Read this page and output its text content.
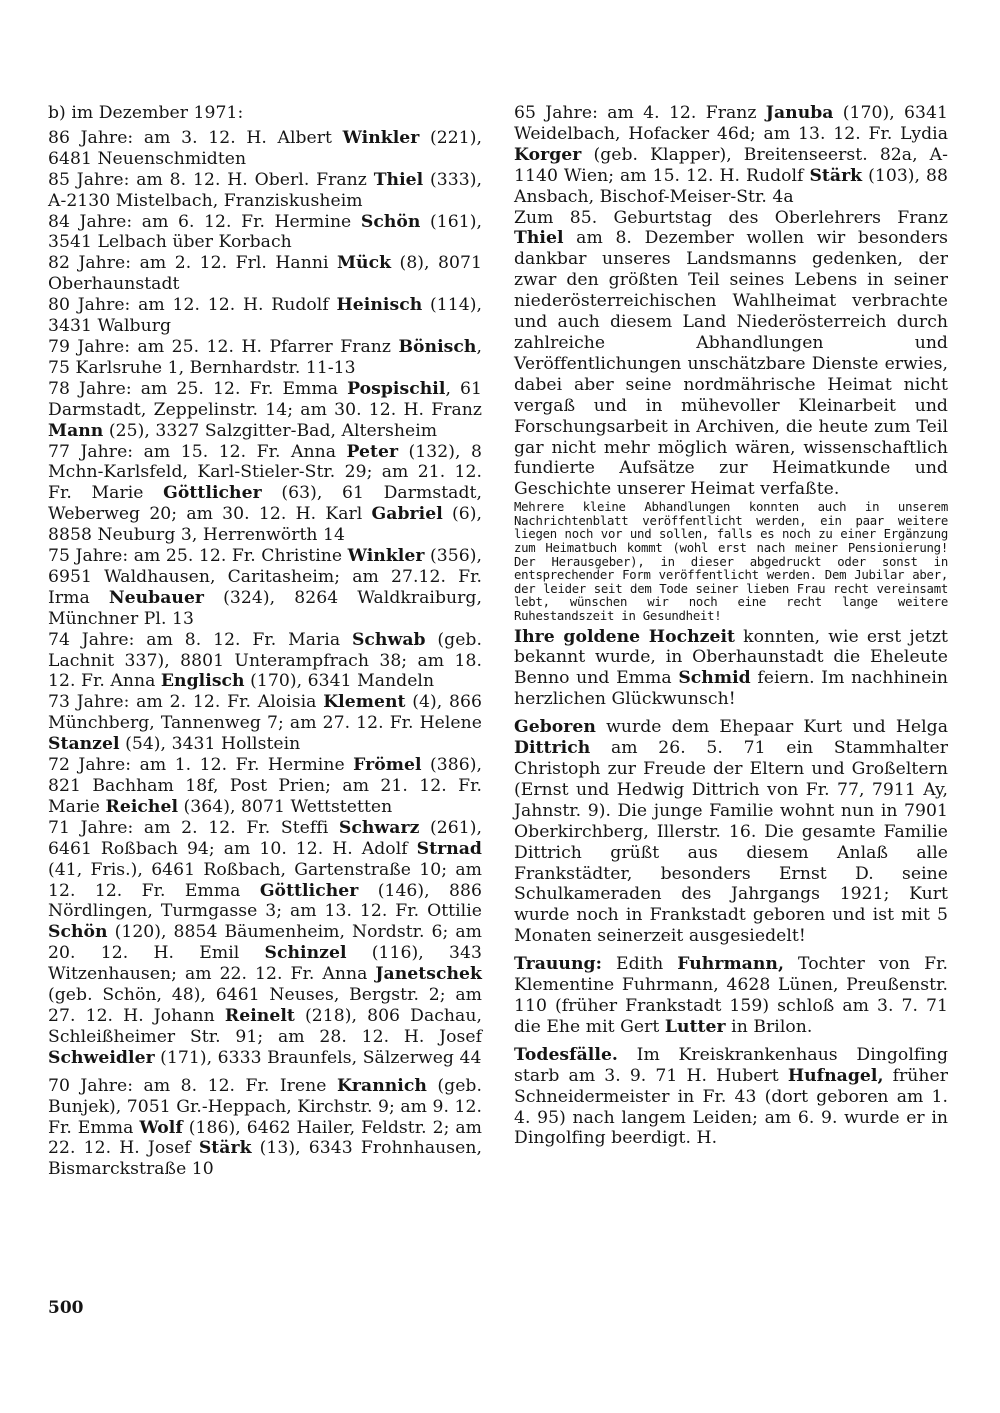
b) im Dezember 1971:

86 Jahre: am 3. 12. H. Albert Winkler (221), 6481 Neuenschmidten

85 Jahre: am 8. 12. H. Oberl. Franz Thiel (333), A-2130 Mistelbach, Franziskusheim

84 Jahre: am 6. 12. Fr. Hermine Schön (161), 3541 Lelbach über Korbach

82 Jahre: am 2. 12. Frl. Hanni Mück (8), 8071 Oberhaunstadt

80 Jahre: am 12. 12. H. Rudolf Heinisch (114), 3431 Walburg

79 Jahre: am 25. 12. H. Pfarrer Franz Bönisch, 75 Karlsruhe 1, Bernhardstr. 11-13

78 Jahre: am 25. 12. Fr. Emma Pospischil, 61 Darmstadt, Zeppelinstr. 14; am 30. 12. H. Franz Mann (25), 3327 Salzgitter-Bad, Altersheim

77 Jahre: am 15. 12. Fr. Anna Peter (132), 8 Mchn-Karlsfeld, Karl-Stieler-Str. 29; am 21. 12. Fr. Marie Göttlicher (63), 61 Darmstadt, Weberweg 20; am 30. 12. H. Karl Gabriel (6), 8858 Neuburg 3, Herrenwörth 14

75 Jahre: am 25. 12. Fr. Christine Winkler (356), 6951 Waldhausen, Caritasheim; am 27.12. Fr. Irma Neubauer (324), 8264 Waldkraiburg, Münchner Pl. 13

74 Jahre: am 8. 12. Fr. Maria Schwab (geb. Lachnit 337), 8801 Unterampfrach 38; am 18. 12. Fr. Anna Englisch (170), 6341 Mandeln

73 Jahre: am 2. 12. Fr. Aloisia Klement (4), 866 Münchberg, Tannenweg 7; am 27. 12. Fr. Helene Stanzel (54), 3431 Hollstein

72 Jahre: am 1. 12. Fr. Hermine Frömel (386), 821 Bachham 18f, Post Prien; am 21. 12. Fr. Marie Reichel (364), 8071 Wettstetten

71 Jahre: am 2. 12. Fr. Steffi Schwarz (261), 6461 Roßbach 94; am 10. 12. H. Adolf Strnad (41, Fris.), 6461 Roßbach, Gartenstraße 10; am 12. 12. Fr. Emma Göttlicher (146), 886 Nördlingen, Turmgasse 3; am 13. 12. Fr. Ottilie Schön (120), 8854 Bäumenheim, Nordstr. 6; am 20. 12. H. Emil Schinzel (116), 343 Witzenhausen; am 22. 12. Fr. Anna Janetschek (geb. Schön, 48), 6461 Neuses, Bergstr. 2; am 27. 12. H. Johann Reinelt (218), 806 Dachau, Schleißheimer Str. 91; am 28. 12. H. Josef Schweidler (171), 6333 Braunfels, Sälzerweg 44

70 Jahre: am 8. 12. Fr. Irene Krannich (geb. Bunjek), 7051 Gr.-Heppach, Kirchstr. 9; am 9. 12. Fr. Emma Wolf (186), 6462 Hailer, Feldstr. 2; am 22. 12. H. Josef Stärk (13), 6343 Frohnhausen, Bismarckstraße 10

65 Jahre: am 4. 12. Franz Januba (170), 6341 Weidelbach, Hofacker 46d; am 13. 12. Fr. Lydia Korger (geb. Klapper), Breitenseerst. 82a, A-1140 Wien; am 15. 12. H. Rudolf Stärk (103), 88 Ansbach, Bischof-Meiser-Str. 4a

Zum 85. Geburtstag des Oberlehrers Franz Thiel am 8. Dezember wollen wir besonders dankbar unseres Landsmanns gedenken, der zwar den größten Teil seines Lebens in seiner niederösterreichischen Wahlheimat verbrachte und auch diesem Land Niederösterreich durch zahlreiche Abhandlungen und Veröffentlichungen unschätzbare Dienste erwies, dabei aber seine nordmährische Heimat nicht vergaß und in mühevoller Kleinarbeit und Forschungsarbeit in Archiven, die heute zum Teil gar nicht mehr möglich wären, wissenschaftlich fundierte Aufsätze zur Heimatkunde und Geschichte unserer Heimat verfaßte.

Mehrere kleine Abhandlungen konnten auch in unserem Nachrichtenblatt veröffentlicht werden, ein paar weitere liegen noch vor und sollen, falls es noch zu einer Ergänzung zum Heimatbuch kommt (wohl erst nach meiner Pensionierung! Der Herausgeber), in dieser abgedruckt oder sonst in entsprechender Form veröffentlicht werden. Dem Jubilar aber, der leider seit dem Tode seiner lieben Frau recht vereinsamt lebt, wünschen wir noch eine recht lange weitere Ruhestandszeit in Gesundheit!

Ihre goldene Hochzeit konnten, wie erst jetzt bekannt wurde, in Oberhaunstadt die Eheleute Benno und Emma Schmid feiern. Im nachhinein herzlichen Glückwunsch!

Geboren wurde dem Ehepaar Kurt und Helga Dittrich am 26. 5. 71 ein Stammhalter Christoph zur Freude der Eltern und Großeltern (Ernst und Hedwig Dittrich von Fr. 77, 7911 Ay, Jahnstr. 9). Die junge Familie wohnt nun in 7901 Oberkirchberg, Illerstr. 16. Die gesamte Familie Dittrich grüßt aus diesem Anlaß alle Frankstädter, besonders Ernst D. seine Schulkameraden des Jahrgangs 1921; Kurt wurde noch in Frankstadt geboren und ist mit 5 Monaten seinerzeit ausgesiedelt!

Trauung: Edith Fuhrmann, Tochter von Fr. Klementine Fuhrmann, 4628 Lünen, Preußenstr. 110 (früher Frankstadt 159) schloß am 3. 7. 71 die Ehe mit Gert Lutter in Brilon.

Todesfälle. Im Kreiskrankenhaus Dingolfing starb am 3. 9. 71 H. Hubert Hufnagel, früher Schneidermeister in Fr. 43 (dort geboren am 1. 4. 95) nach langem Leiden; am 6. 9. wurde er in Dingolfing beerdigt. H.

500
